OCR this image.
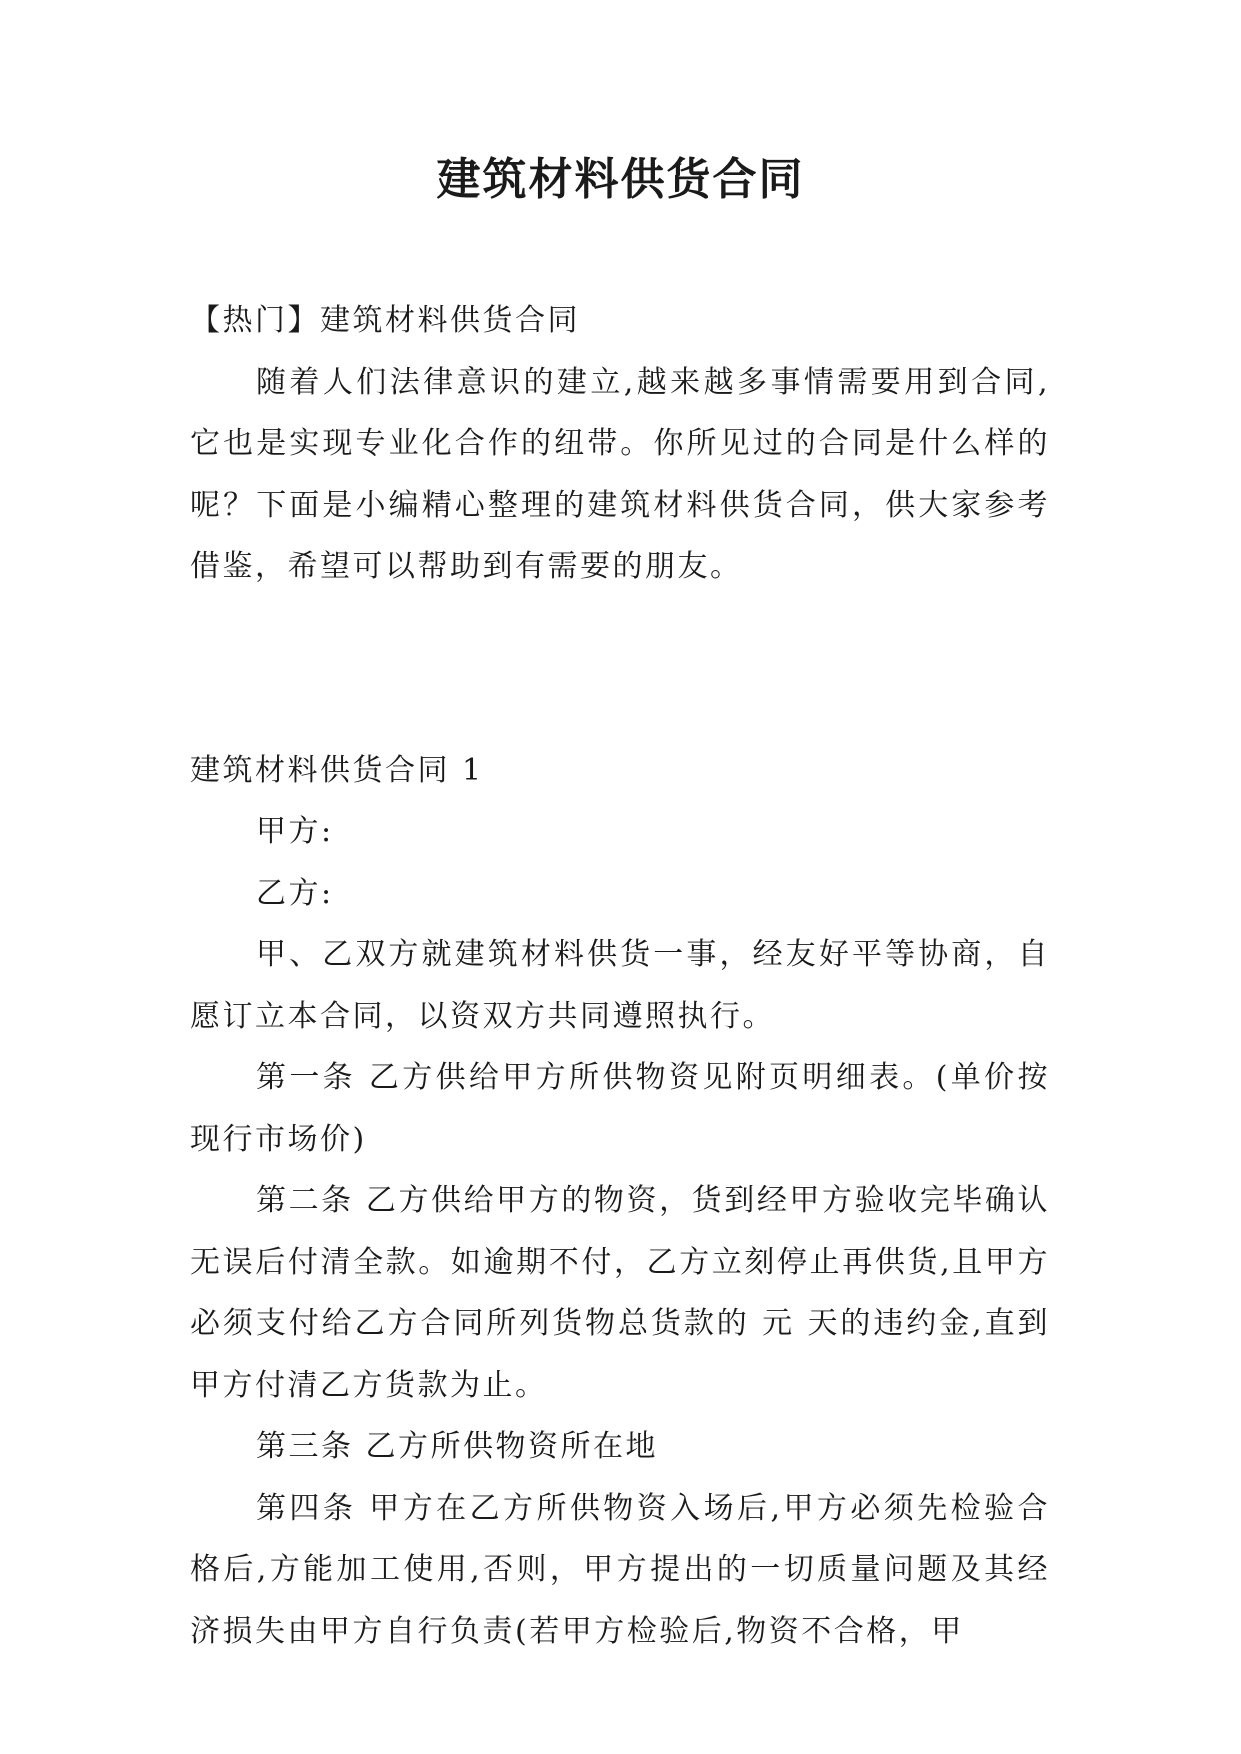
建筑材料供货合同

【热门】建筑材料供货合同

随着人们法律意识的建立,越来越多事情需要用到合同,它也是实现专业化合作的纽带。你所见过的合同是什么样的呢？下面是小编精心整理的建筑材料供货合同，供大家参考借鉴，希望可以帮助到有需要的朋友。

建筑材料供货合同 1

甲方:

乙方:

甲、乙双方就建筑材料供货一事，经友好平等协商，自愿订立本合同，以资双方共同遵照执行。

第一条 乙方供给甲方所供物资见附页明细表。(单价按现行市场价)

第二条 乙方供给甲方的物资，货到经甲方验收完毕确认无误后付清全款。如逾期不付，乙方立刻停止再供货,且甲方必须支付给乙方合同所列货物总货款的 元 天的违约金,直到甲方付清乙方货款为止。

第三条 乙方所供物资所在地

第四条 甲方在乙方所供物资入场后,甲方必须先检验合格后,方能加工使用,否则，甲方提出的一切质量问题及其经济损失由甲方自行负责(若甲方检验后,物资不合格，甲
